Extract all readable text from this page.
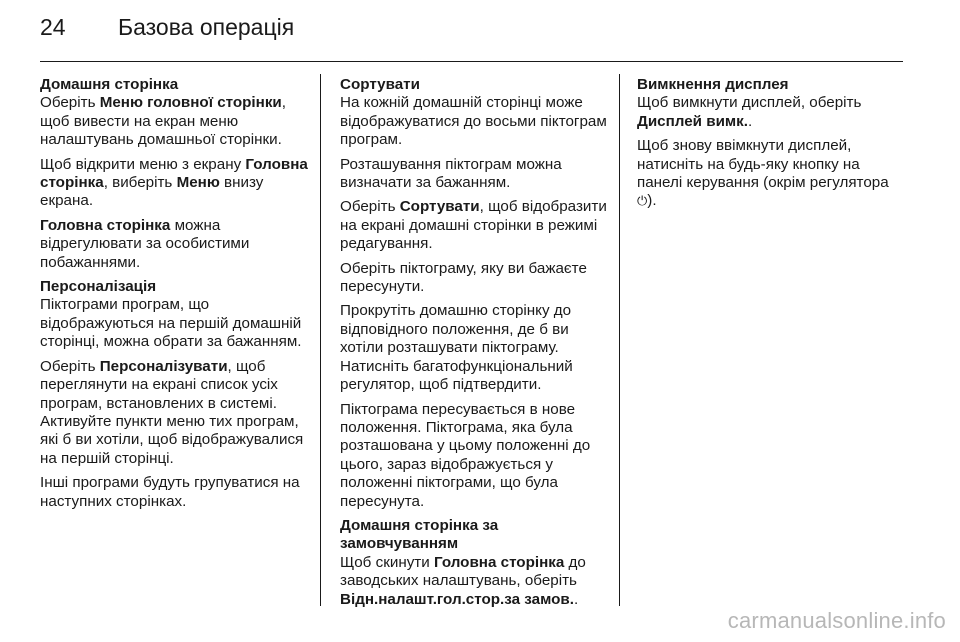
24	Базова операція
Домашня сторінка

Оберіть Меню головної сторінки, щоб вивести на екран меню налаштувань домашньої сторінки.

Щоб відкрити меню з екрану Головна сторінка, виберіть Меню внизу екрана.

Головна сторінка можна відрегулювати за особистими побажаннями.

Персоналізація

Піктограми програм, що відображуються на першій домашній сторінці, можна обрати за бажанням.

Оберіть Персоналізувати, щоб переглянути на екрані список усіх програм, встановлених в системі. Активуйте пункти меню тих програм, які б ви хотіли, щоб відображувалися на першій сторінці.

Інші програми будуть групуватися на наступних сторінках.

Сортувати

На кожній домашній сторінці може відображуватися до восьми піктограм програм.

Розташування піктограм можна визначати за бажанням.

Оберіть Сортувати, щоб відобразити на екрані домашні сторінки в режимі редагування.

Оберіть піктограму, яку ви бажаєте пересунути.

Прокрутіть домашню сторінку до відповідного положення, де б ви хотіли розташувати піктограму. Натисніть багатофункціональний регулятор, щоб підтвердити.

Піктограма пересувається в нове положення. Піктограма, яка була розташована у цьому положенні до цього, зараз відображується у положенні піктограми, що була пересунута.

Домашня сторінка за замовчуванням

Щоб скинути Головна сторінка до заводських налаштувань, оберіть Відн.налашт.гол.стор.за замов..

Вимкнення дисплея

Щоб вимкнути дисплей, оберіть Дисплей вимк..

Щоб знову ввімкнути дисплей, натисніть на будь-яку кнопку на панелі керування (окрім регулятора ⏻).

carmanualsonline.info
